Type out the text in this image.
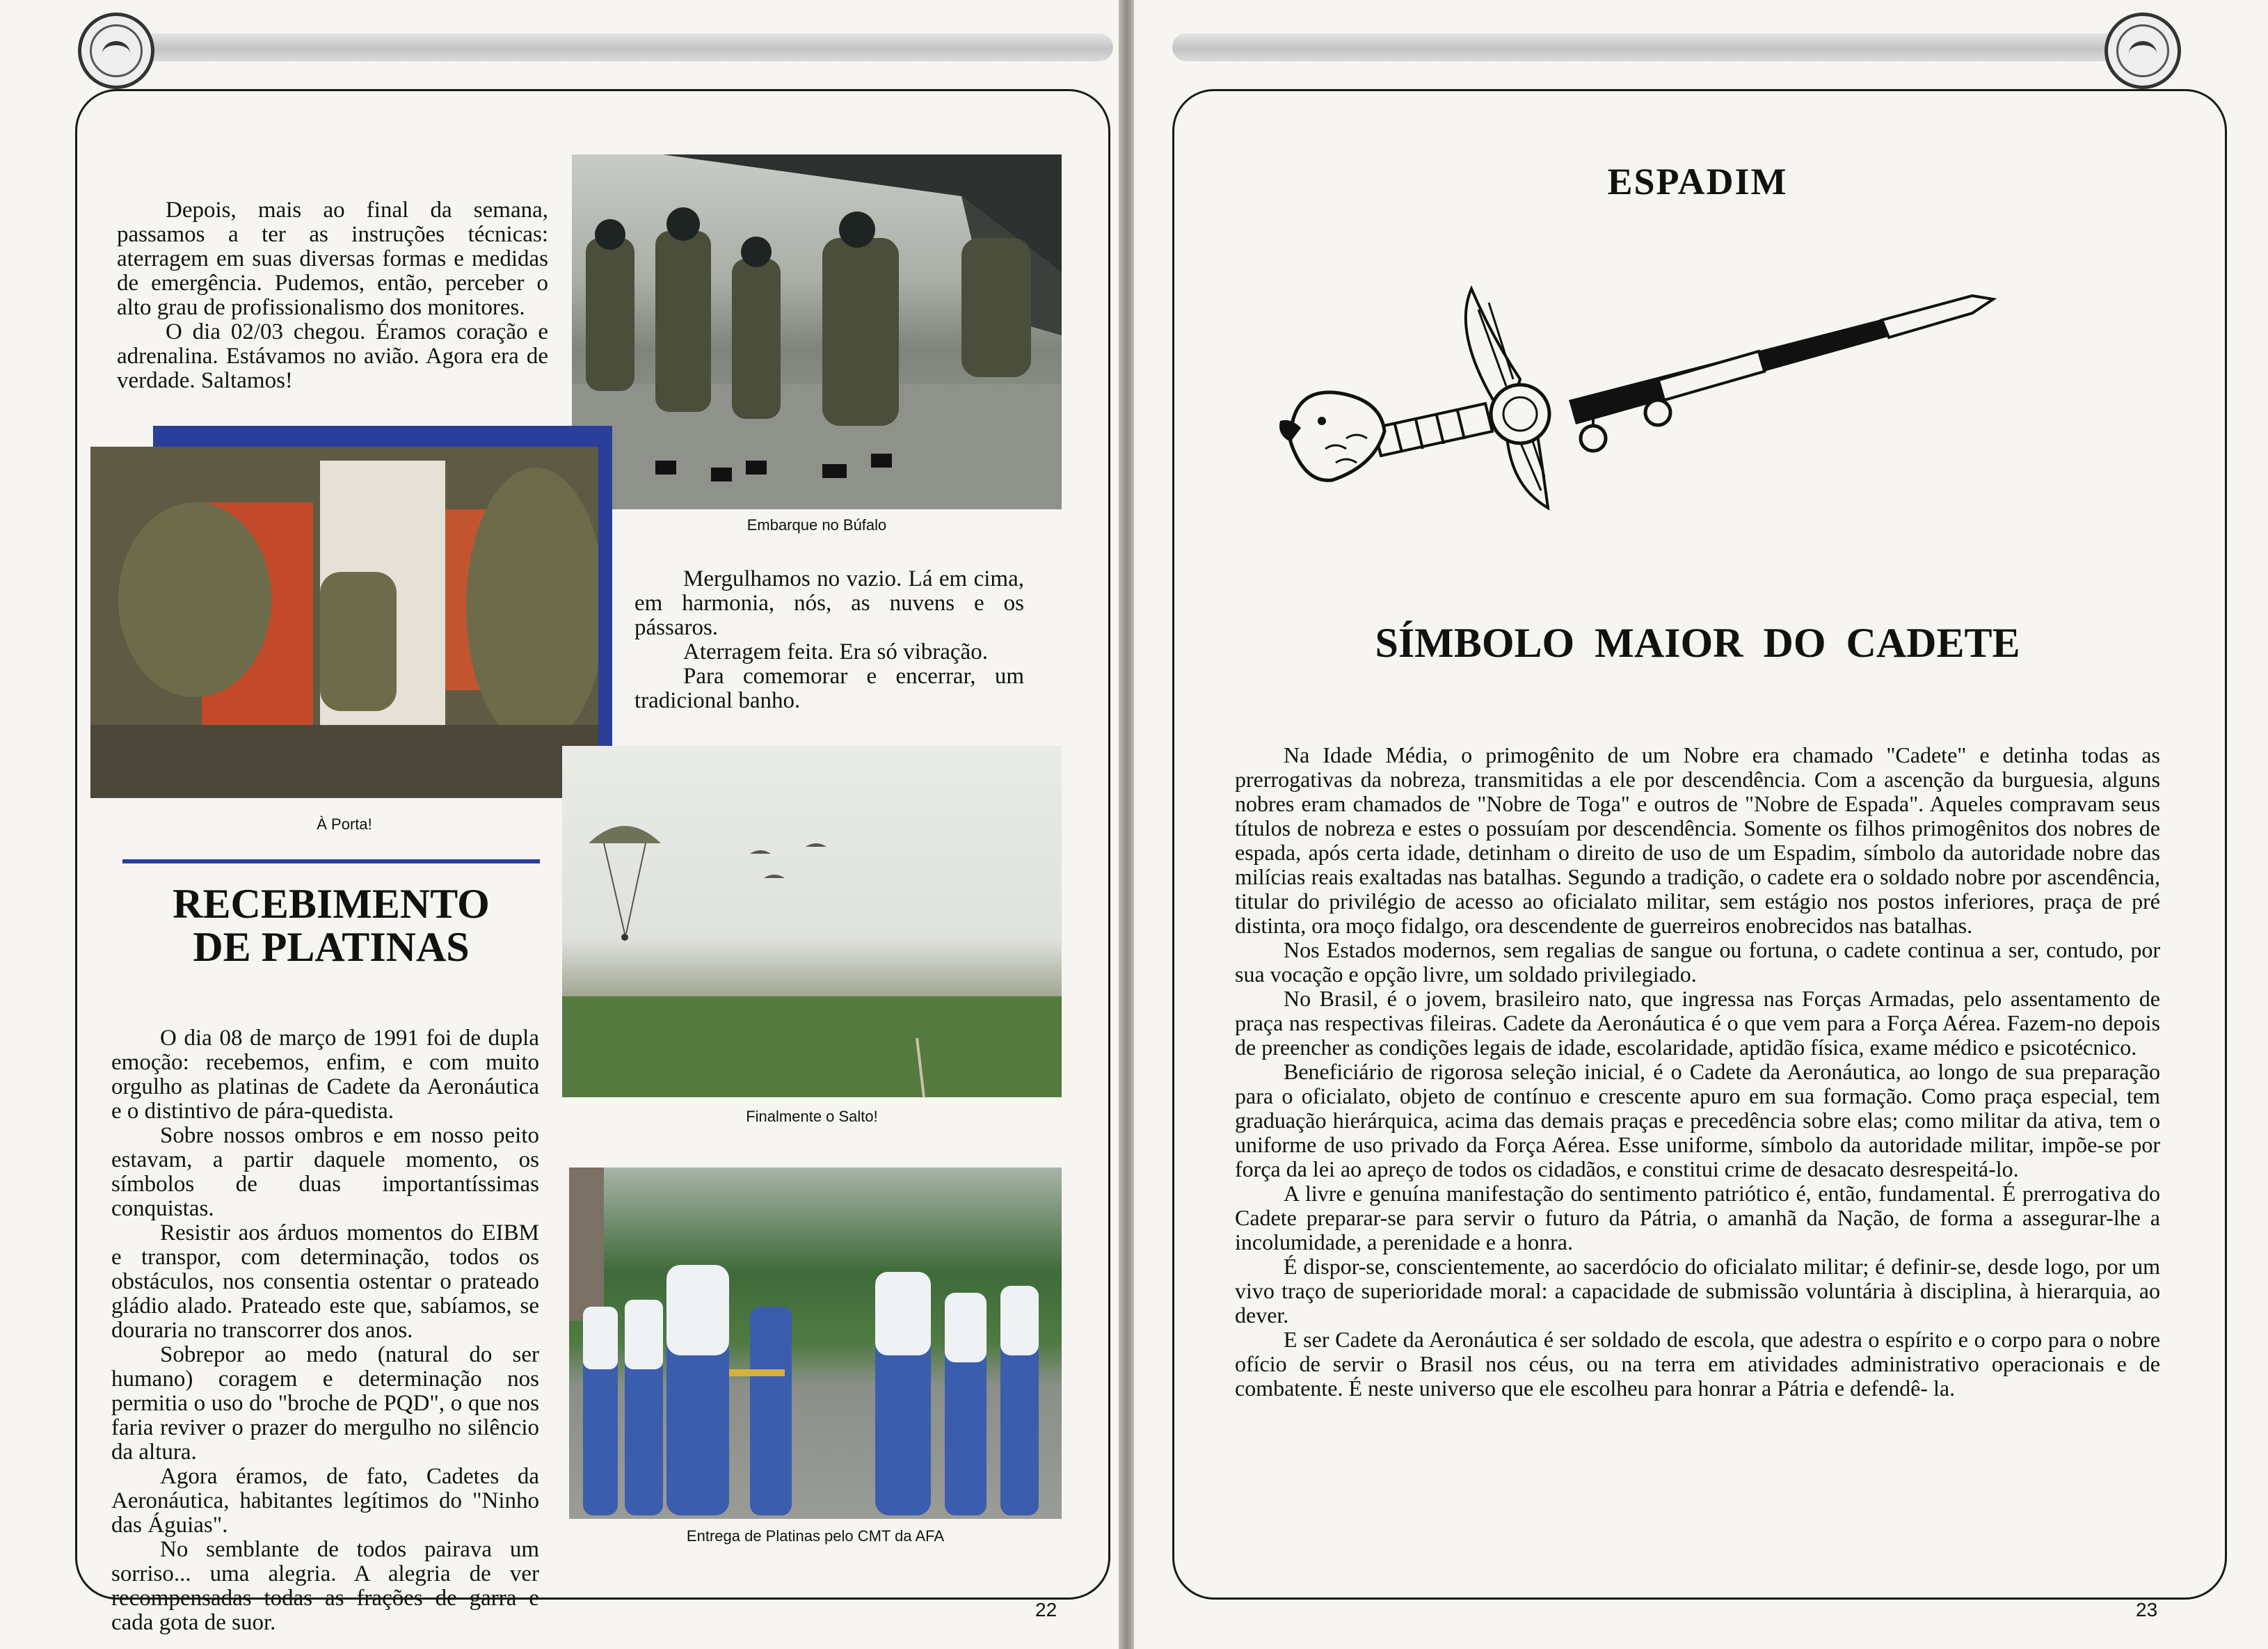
Depois, mais ao final da semana, passamos a ter as instruções técnicas: aterragem em suas diversas formas e medidas de emergência. Pudemos, então, perceber o alto grau de profissionalismo dos monitores.

O dia 02/03 chegou. Éramos coração e adrenalina. Estávamos no avião. Agora era de verdade. Saltamos!

Embarque no Búfalo
À Porta!

Mergulhamos no vazio. Lá em cima, em harmonia, nós, as nuvens e os pássaros.

Aterragem feita. Era só vibração.

Para comemorar e encerrar, um tradicional banho.

Finalmente o Salto!
RECEBIMENTO
DE PLATINAS

O dia 08 de março de 1991 foi de dupla emoção: recebemos, enfim, e com muito orgulho as platinas de Cadete da Aeronáutica e o distintivo de pára-quedista.

Sobre nossos ombros e em nosso peito estavam, a partir daquele momento, os símbolos de duas importantíssimas conquistas.

Resistir aos árduos momentos do EIBM e transpor, com determinação, todos os obstáculos, nos consentia ostentar o prateado gládio alado. Prateado este que, sabíamos, se douraria no transcorrer dos anos.

Sobrepor ao medo (natural do ser humano) coragem e determinação nos permitia o uso do "broche de PQD", o que nos faria reviver o prazer do mergulho no silêncio da altura.

Agora éramos, de fato, Cadetes da Aeronáutica, habitantes legítimos do "Ninho das Águias".

No semblante de todos pairava um sorriso... uma alegria. A alegria de ver recompensadas todas as frações de garra e cada gota de suor.

Entrega de Platinas pelo CMT da AFA
22
ESPADIM
SÍMBOLO MAIOR DO CADETE

Na Idade Média, o primogênito de um Nobre era chamado "Cadete" e detinha todas as prerrogativas da nobreza, transmitidas a ele por descendência. Com a ascenção da burguesia, alguns nobres eram chamados de "Nobre de Toga" e outros de "Nobre de Espada". Aqueles compravam seus títulos de nobreza e estes o possuíam por descendência. Somente os filhos primogênitos dos nobres de espada, após certa idade, detinham o direito de uso de um Espadim, símbolo da autoridade nobre das milícias reais exaltadas nas batalhas. Segundo a tradição, o cadete era o soldado nobre por ascendência, titular do privilégio de acesso ao oficialato militar, sem estágio nos postos inferiores, praça de pré distinta, ora moço fidalgo, ora descendente de guerreiros enobrecidos nas batalhas.

Nos Estados modernos, sem regalias de sangue ou fortuna, o cadete continua a ser, contudo, por sua vocação e opção livre, um soldado privilegiado.

No Brasil, é o jovem, brasileiro nato, que ingressa nas Forças Armadas, pelo assentamento de praça nas respectivas fileiras. Cadete da Aeronáutica é o que vem para a Força Aérea. Fazem-no depois de preencher as condições legais de idade, escolaridade, aptidão física, exame médico e psicotécnico.

Beneficiário de rigorosa seleção inicial, é o Cadete da Aeronáutica, ao longo de sua preparação para o oficialato, objeto de contínuo e crescente apuro em sua formação. Como praça especial, tem graduação hierárquica, acima das demais praças e precedência sobre elas; como militar da ativa, tem o uniforme de uso privado da Força Aérea. Esse uniforme, símbolo da autoridade militar, impõe-se por força da lei ao apreço de todos os cidadãos, e constitui crime de desacato desrespeitá-lo.

A livre e genuína manifestação do sentimento patriótico é, então, fundamental. É prerrogativa do Cadete preparar-se para servir o futuro da Pátria, o amanhã da Nação, de forma a assegurar-lhe a incolumidade, a perenidade e a honra.

É dispor-se, conscientemente, ao sacerdócio do oficialato militar; é definir-se, desde logo, por um vivo traço de superioridade moral: a capacidade de submissão voluntária à disciplina, à hierarquia, ao dever.

E ser Cadete da Aeronáutica é ser soldado de escola, que adestra o espírito e o corpo para o nobre ofício de servir o Brasil nos céus, ou na terra em atividades administrativo operacionais e de combatente. É neste universo que ele escolheu para honrar a Pátria e defendê- la.

23
